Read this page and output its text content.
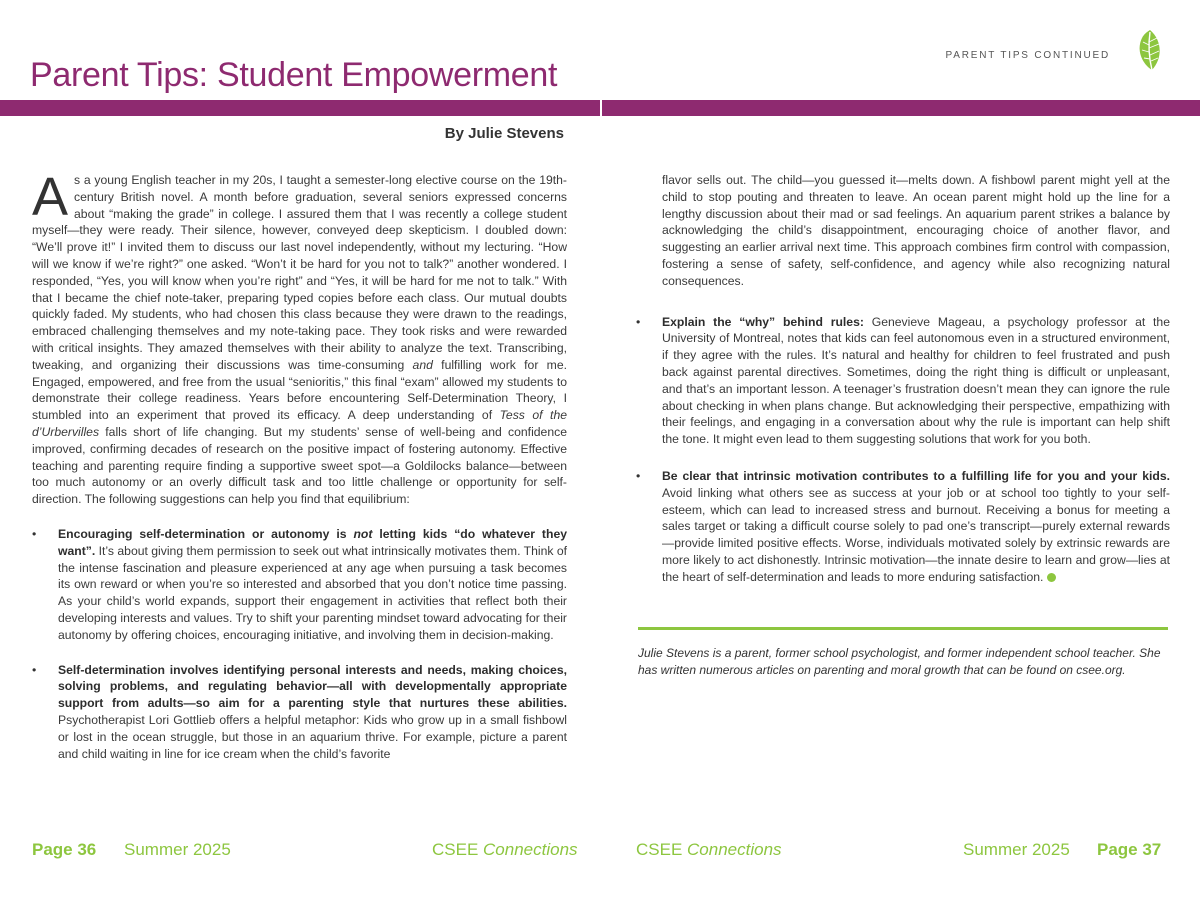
Parent Tips: Student Empowerment
By Julie Stevens

As a young English teacher in my 20s, I taught a semester-long elective course on the 19th-century British novel. A month before graduation, several seniors expressed concerns about “making the grade” in college. I assured them that I was recently a college student myself—they were ready. Their silence, however, conveyed deep skepticism. I doubled down: “We’ll prove it!” I invited them to discuss our last novel independently, without my lecturing. “How will we know if we’re right?” one asked. “Won’t it be hard for you not to talk?” another wondered. I responded, “Yes, you will know when you’re right” and “Yes, it will be hard for me not to talk.” With that I became the chief note-taker, preparing typed copies before each class. Our mutual doubts quickly faded. My students, who had chosen this class because they were drawn to the readings, embraced challenging themselves and my note-taking pace. They took risks and were rewarded with critical insights. They amazed themselves with their ability to analyze the text. Transcribing, tweaking, and organizing their discussions was time-consuming and fulfilling work for me. Engaged, empowered, and free from the usual “senioritis,” this final “exam” allowed my students to demonstrate their college readiness. Years before encountering Self-Determination Theory, I stumbled into an experiment that proved its efficacy. A deep understanding of Tess of the d’Urbervilles falls short of life changing. But my students’ sense of well-being and confidence improved, confirming decades of research on the positive impact of fostering autonomy. Effective teaching and parenting require finding a supportive sweet spot—a Goldilocks balance—between too much autonomy or an overly difficult task and too little challenge or opportunity for self-direction. The following suggestions can help you find that equilibrium:

• Encouraging self-determination or autonomy is not letting kids “do whatever they want”. It’s about giving them permission to seek out what intrinsically motivates them. Think of the intense fascination and pleasure experienced at any age when pursuing a task becomes its own reward or when you’re so interested and absorbed that you don’t notice time passing. As your child’s world expands, support their engagement in activities that reflect both their developing interests and values. Try to shift your parenting mindset toward advocating for their autonomy by offering choices, encouraging initiative, and involving them in decision-making.
• Self-determination involves identifying personal interests and needs, making choices, solving problems, and regulating behavior—all with developmentally appropriate support from adults—so aim for a parenting style that nurtures these abilities. Psychotherapist Lori Gottlieb offers a helpful metaphor: Kids who grow up in a small fishbowl or lost in the ocean struggle, but those in an aquarium thrive. For example, picture a parent and child waiting in line for ice cream when the child’s favorite
Page 36 Summer 2025	CSEE Connections
PARENT TIPS CONTINUED

flavor sells out. The child—you guessed it—melts down. A fishbowl parent might yell at the child to stop pouting and threaten to leave. An ocean parent might hold up the line for a lengthy discussion about their mad or sad feelings. An aquarium parent strikes a balance by acknowledging the child’s disappointment, encouraging choice of another flavor, and suggesting an earlier arrival next time. This approach combines firm control with compassion, fostering a sense of safety, self-confidence, and agency while also recognizing natural consequences.

• Explain the “why” behind rules: Genevieve Mageau, a psychology professor at the University of Montreal, notes that kids can feel autonomous even in a structured environment, if they agree with the rules. It’s natural and healthy for children to feel frustrated and push back against parental directives. Sometimes, doing the right thing is difficult or unpleasant, and that’s an important lesson. A teenager’s frustration doesn’t mean they can ignore the rule about checking in when plans change. But acknowledging their perspective, empathizing with their feelings, and engaging in a conversation about why the rule is important can help shift the tone. It might even lead to them suggesting solutions that work for you both.
• Be clear that intrinsic motivation contributes to a fulfilling life for you and your kids. Avoid linking what others see as success at your job or at school too tightly to your self-esteem, which can lead to increased stress and burnout. Receiving a bonus for meeting a sales target or taking a difficult course solely to pad one’s transcript—purely external rewards—provide limited positive effects. Worse, individuals motivated solely by extrinsic rewards are more likely to act dishonestly. Intrinsic motivation—the innate desire to learn and grow—lies at the heart of self-determination and leads to more enduring satisfaction.

Julie Stevens is a parent, former school psychologist, and former independent school teacher. She has written numerous articles on parenting and moral growth that can be found on csee.org.

CSEE Connections	Summer 2025 Page 37
